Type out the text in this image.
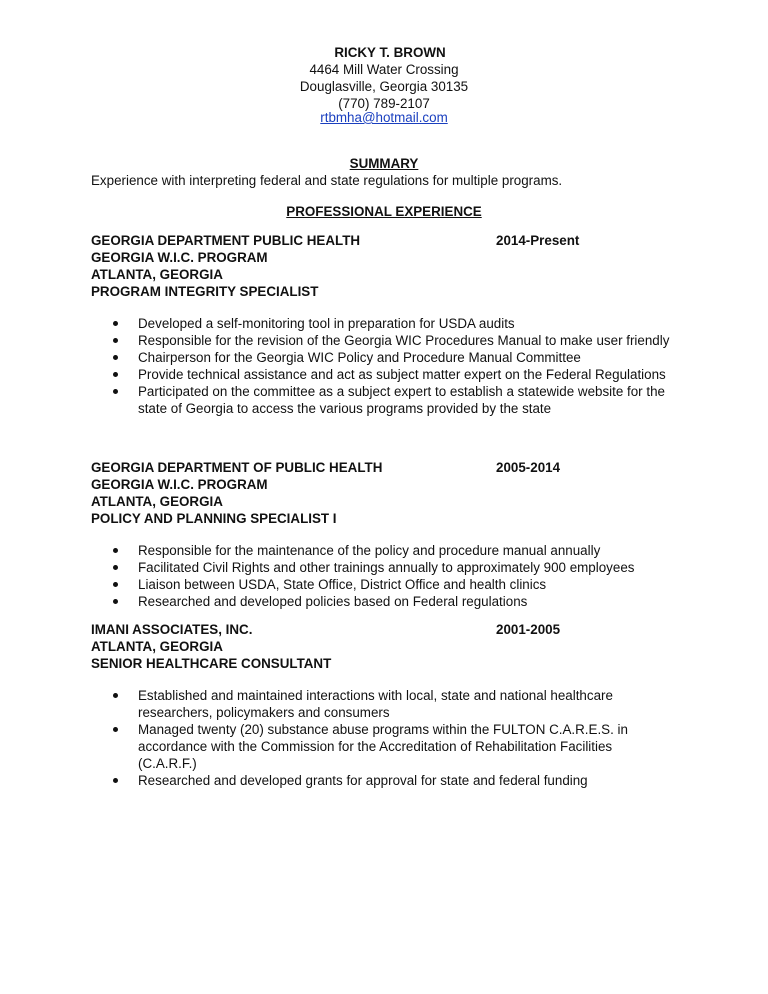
RICKY T. BROWN
4464 Mill Water Crossing
Douglasville, Georgia 30135
(770) 789-2107
rtbmha@hotmail.com
SUMMARY
Experience with interpreting federal and state regulations for multiple programs.
PROFESSIONAL EXPERIENCE
GEORGIA DEPARTMENT PUBLIC HEALTH	2014-Present
GEORGIA W.I.C. PROGRAM
ATLANTA, GEORGIA
PROGRAM INTEGRITY SPECIALIST
Developed a self-monitoring tool in preparation for USDA audits
Responsible for the revision of the Georgia WIC Procedures Manual to make user friendly
Chairperson for the Georgia WIC Policy and Procedure Manual Committee
Provide technical assistance and act as subject matter expert on the Federal Regulations
Participated on the committee as a subject expert to establish a statewide website for the state of Georgia to access the various programs provided by the state
GEORGIA DEPARTMENT OF PUBLIC HEALTH	2005-2014
GEORGIA W.I.C. PROGRAM
ATLANTA, GEORGIA
POLICY AND PLANNING SPECIALIST I
Responsible for the maintenance of the policy and procedure manual annually
Facilitated Civil Rights and other trainings annually to approximately 900 employees
Liaison between USDA, State Office, District Office and health clinics
Researched and developed policies based on Federal regulations
IMANI ASSOCIATES, INC.	2001-2005
ATLANTA, GEORGIA
SENIOR HEALTHCARE CONSULTANT
Established and maintained interactions with local, state and national healthcare researchers, policymakers and consumers
Managed twenty (20) substance abuse programs within the FULTON C.A.R.E.S. in accordance with the Commission for the Accreditation of Rehabilitation Facilities (C.A.R.F.)
Researched and developed grants for approval for state and federal funding
